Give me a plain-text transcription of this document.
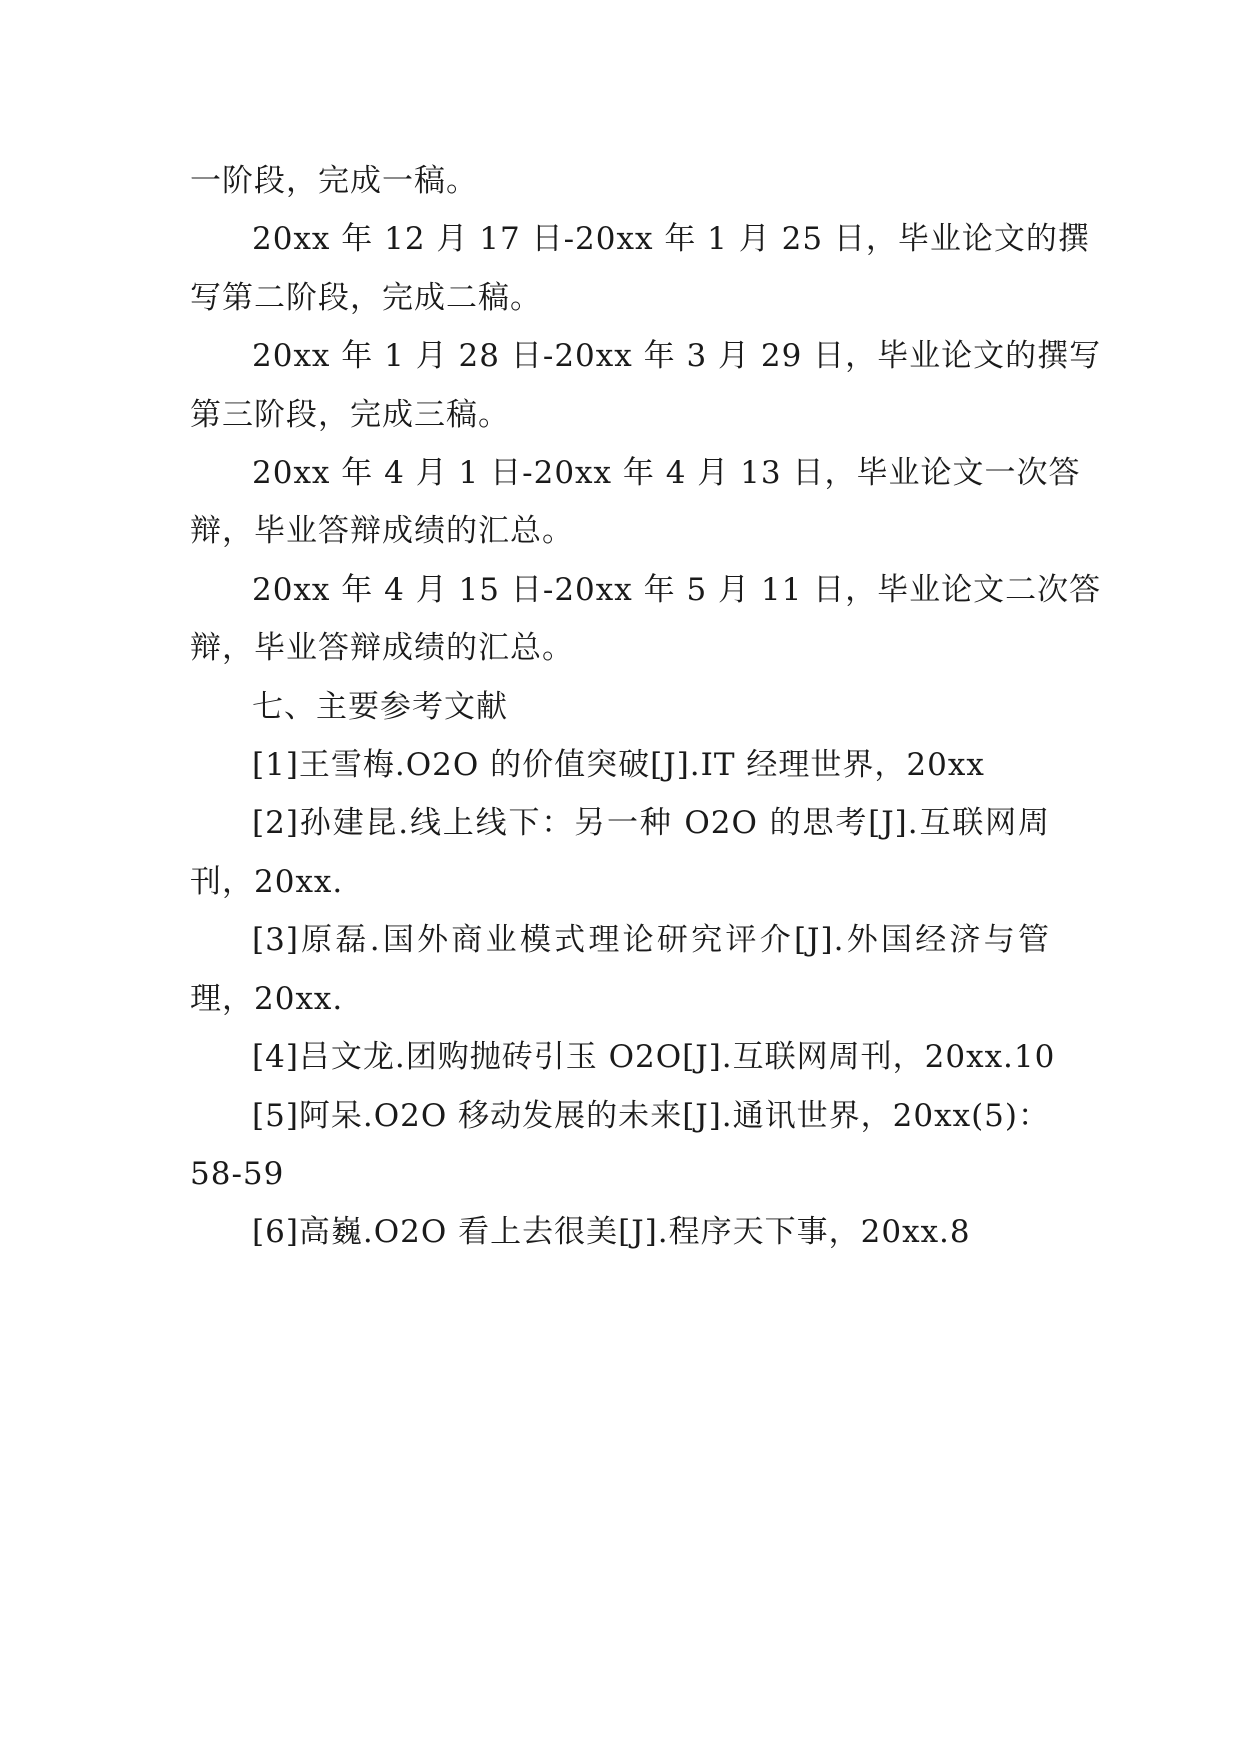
一阶段，完成一稿。
20xx 年 12 月 17 日-20xx 年 1 月 25 日，毕业论文的撰
写第二阶段，完成二稿。
20xx 年 1 月 28 日-20xx 年 3 月 29 日，毕业论文的撰写
第三阶段，完成三稿。
20xx 年 4 月 1 日-20xx 年 4 月 13 日，毕业论文一次答
辩，毕业答辩成绩的汇总。
20xx 年 4 月 15 日-20xx 年 5 月 11 日，毕业论文二次答
辩，毕业答辩成绩的汇总。
七、主要参考文献
[1]王雪梅.O2O 的价值突破[J].IT 经理世界，20xx
[2]孙建昆.线上线下：另一种 O2O 的思考[J].互联网周
刊，20xx.
[3]原磊.国外商业模式理论研究评介[J].外国经济与管
理，20xx.
[4]吕文龙.团购抛砖引玉 O2O[J].互联网周刊，20xx.10
[5]阿呆.O2O 移动发展的未来[J].通讯世界，20xx(5)：
58-59
[6]高巍.O2O 看上去很美[J].程序天下事，20xx.8
